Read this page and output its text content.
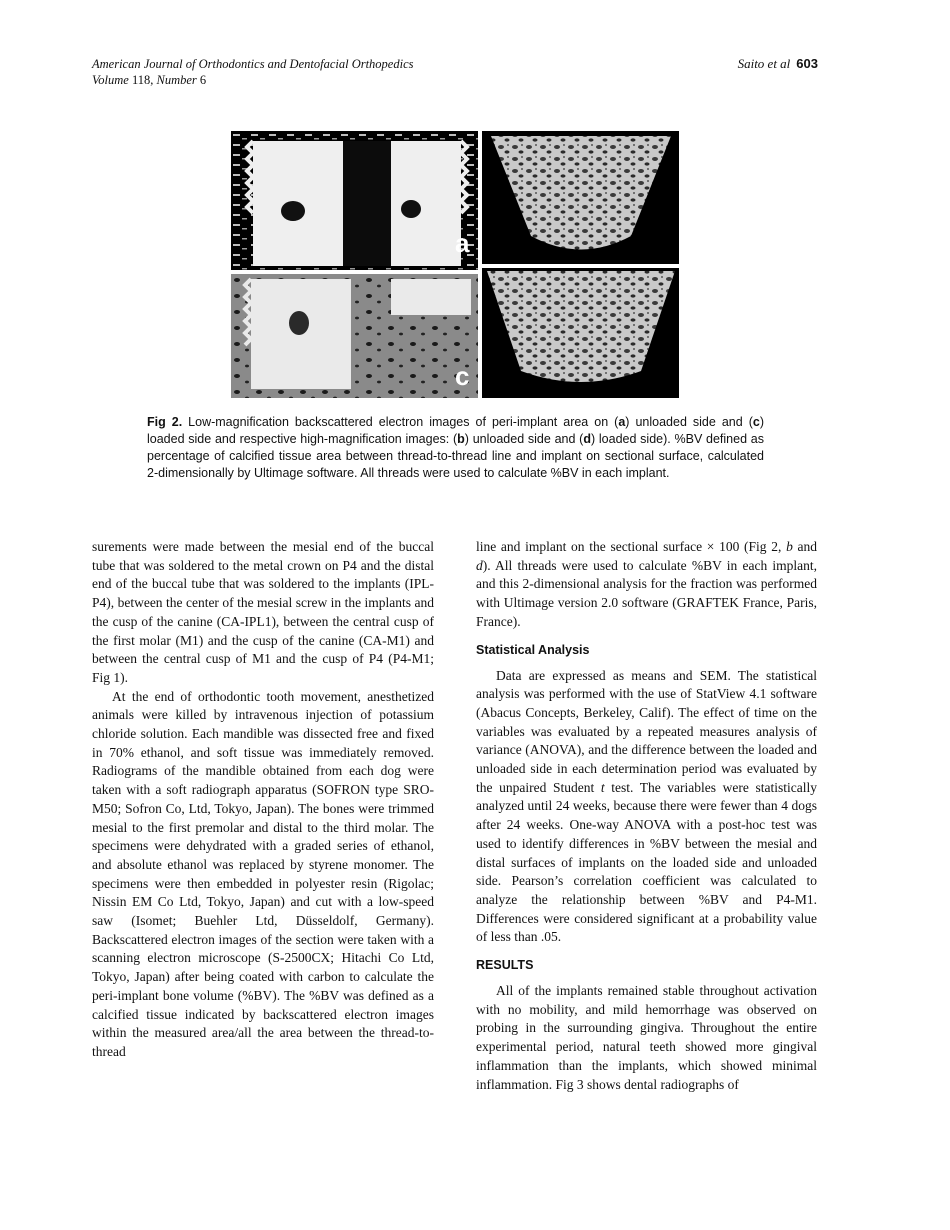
American Journal of Orthodontics and Dentofacial Orthopedics
Volume 118, Number 6
Saito et al 603
a	b
c	d
Fig 2. Low-magnification backscattered electron images of peri-implant area on (a) unloaded side and (c) loaded side and respective high-magnification images: (b) unloaded side and (d) loaded side). %BV defined as percentage of calcified tissue area between thread-to-thread line and implant on sectional surface, calculated 2-dimensionally by Ultimage software. All threads were used to calculate %BV in each implant.

surements were made between the mesial end of the buccal tube that was soldered to the metal crown on P4 and the distal end of the buccal tube that was soldered to the implants (IPL-P4), between the center of the mesial screw in the implants and the cusp of the canine (CA-IPL1), between the central cusp of the first molar (M1) and the cusp of the canine (CA-M1) and between the central cusp of M1 and the cusp of P4 (P4-M1; Fig 1).

At the end of orthodontic tooth movement, anesthetized animals were killed by intravenous injection of potassium chloride solution. Each mandible was dissected free and fixed in 70% ethanol, and soft tissue was immediately removed. Radiograms of the mandible obtained from each dog were taken with a soft radiograph apparatus (SOFRON type SRO-M50; Sofron Co, Ltd, Tokyo, Japan). The bones were trimmed mesial to the first premolar and distal to the third molar. The specimens were dehydrated with a graded series of ethanol, and absolute ethanol was replaced by styrene monomer. The specimens were then embedded in polyester resin (Rigolac; Nissin EM Co Ltd, Tokyo, Japan) and cut with a low-speed saw (Isomet; Buehler Ltd, Düsseldolf, Germany). Backscattered electron images of the section were taken with a scanning electron microscope (S-2500CX; Hitachi Co Ltd, Tokyo, Japan) after being coated with carbon to calculate the peri-implant bone volume (%BV). The %BV was defined as a calcified tissue indicated by backscattered electron images within the measured area/all the area between the thread-to-thread

line and implant on the sectional surface × 100 (Fig 2, b and d). All threads were used to calculate %BV in each implant, and this 2-dimensional analysis for the fraction was performed with Ultimage version 2.0 software (GRAFTEK France, Paris, France).

Statistical Analysis

Data are expressed as means and SEM. The statistical analysis was performed with the use of StatView 4.1 software (Abacus Concepts, Berkeley, Calif). The effect of time on the variables was evaluated by a repeated measures analysis of variance (ANOVA), and the difference between the loaded and unloaded side in each determination period was evaluated by the unpaired Student t test. The variables were statistically analyzed until 24 weeks, because there were fewer than 4 dogs after 24 weeks. One-way ANOVA with a post-hoc test was used to identify differences in %BV between the mesial and distal surfaces of implants on the loaded side and unloaded side. Pearson’s correlation coefficient was calculated to analyze the relationship between %BV and P4-M1. Differences were considered significant at a probability value of less than .05.

RESULTS

All of the implants remained stable throughout activation with no mobility, and mild hemorrhage was observed on probing in the surrounding gingiva. Throughout the entire experimental period, natural teeth showed more gingival inflammation than the implants, which showed minimal inflammation. Fig 3 shows dental radiographs of
